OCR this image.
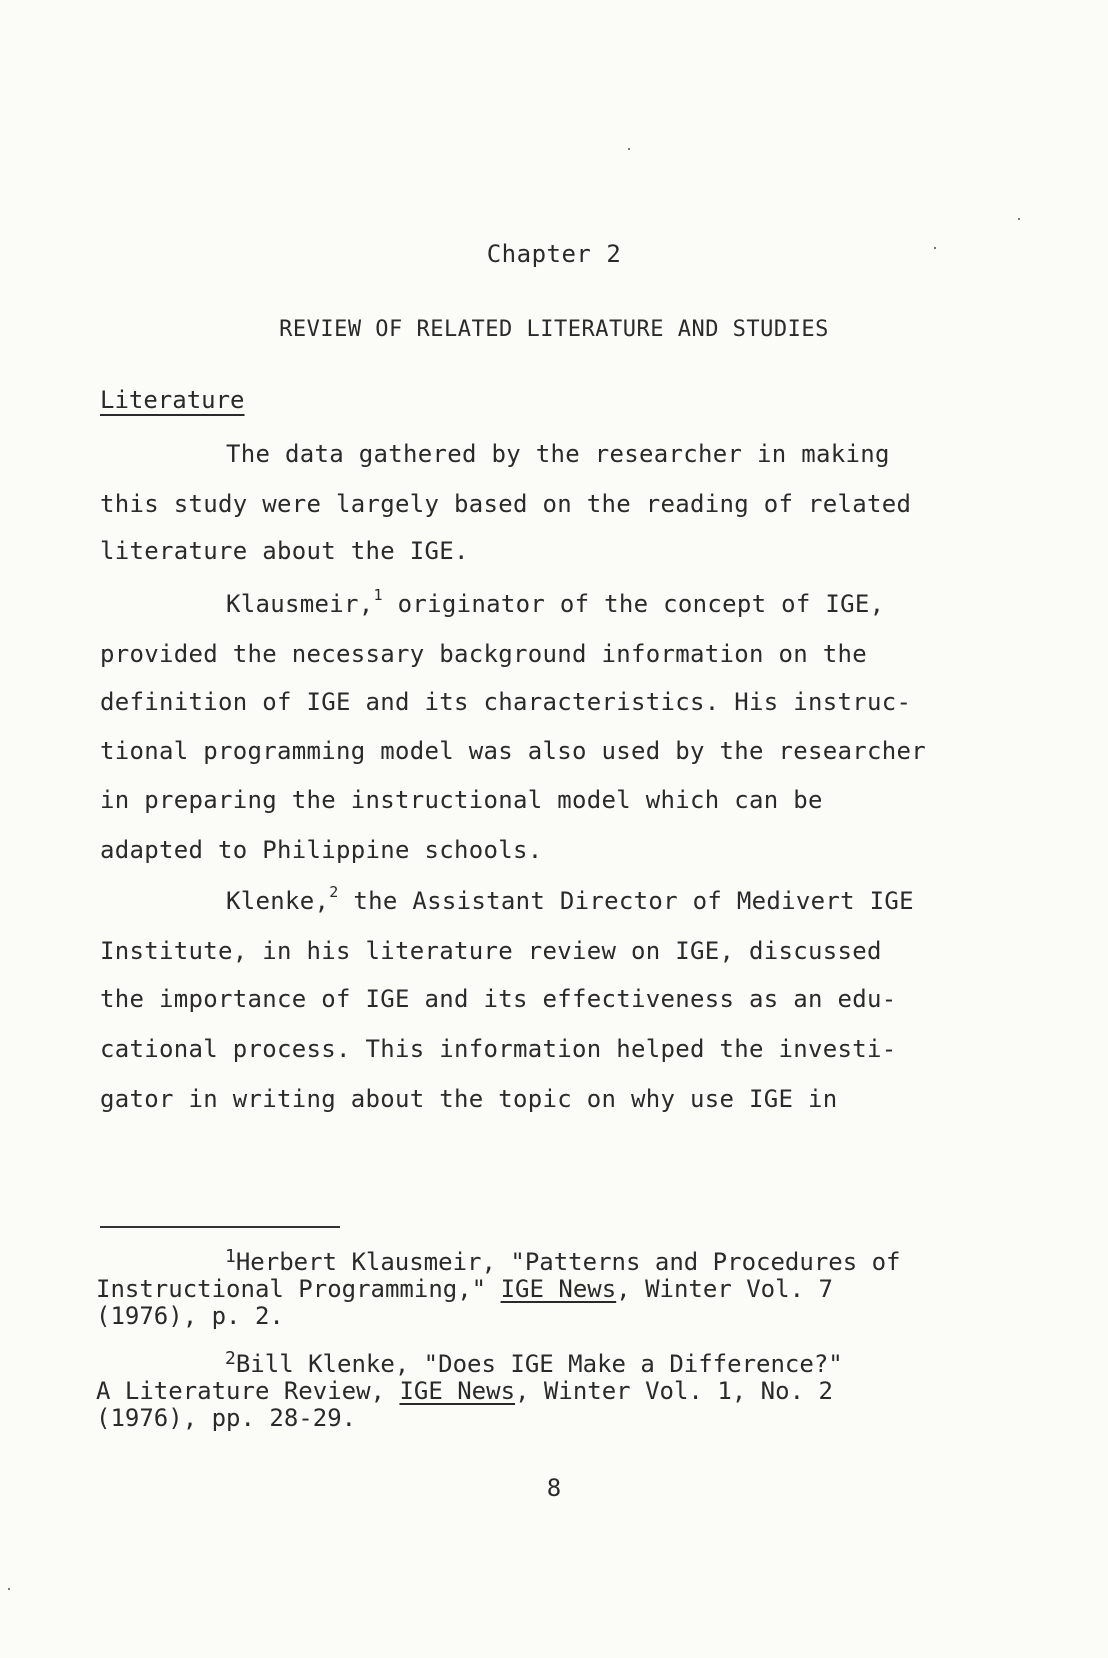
Chapter 2
REVIEW OF RELATED LITERATURE AND STUDIES
Literature
The data gathered by the researcher in making
this study were largely based on the reading of related
literature about the IGE.
Klausmeir,$^1$ originator of the concept of IGE,
provided the necessary background information on the
definition of IGE and its characteristics. His instruc-
tional programming model was also used by the researcher
in preparing the instructional model which can be
adapted to Philippine schools.
Klenke,$^2$ the Assistant Director of Medivert IGE
Institute, in his literature review on IGE, discussed
the importance of IGE and its effectiveness as an edu-
cational process. This information helped the investi-
gator in writing about the topic on why use IGE in
$^1$Herbert Klausmeir, "Patterns and Procedures of
Instructional Programming," IGE News, Winter Vol. 7
(1976), p. 2.
$^2$Bill Klenke, "Does IGE Make a Difference?"
A Literature Review, IGE News, Winter Vol. 1, No. 2
(1976), pp. 28-29.
8
